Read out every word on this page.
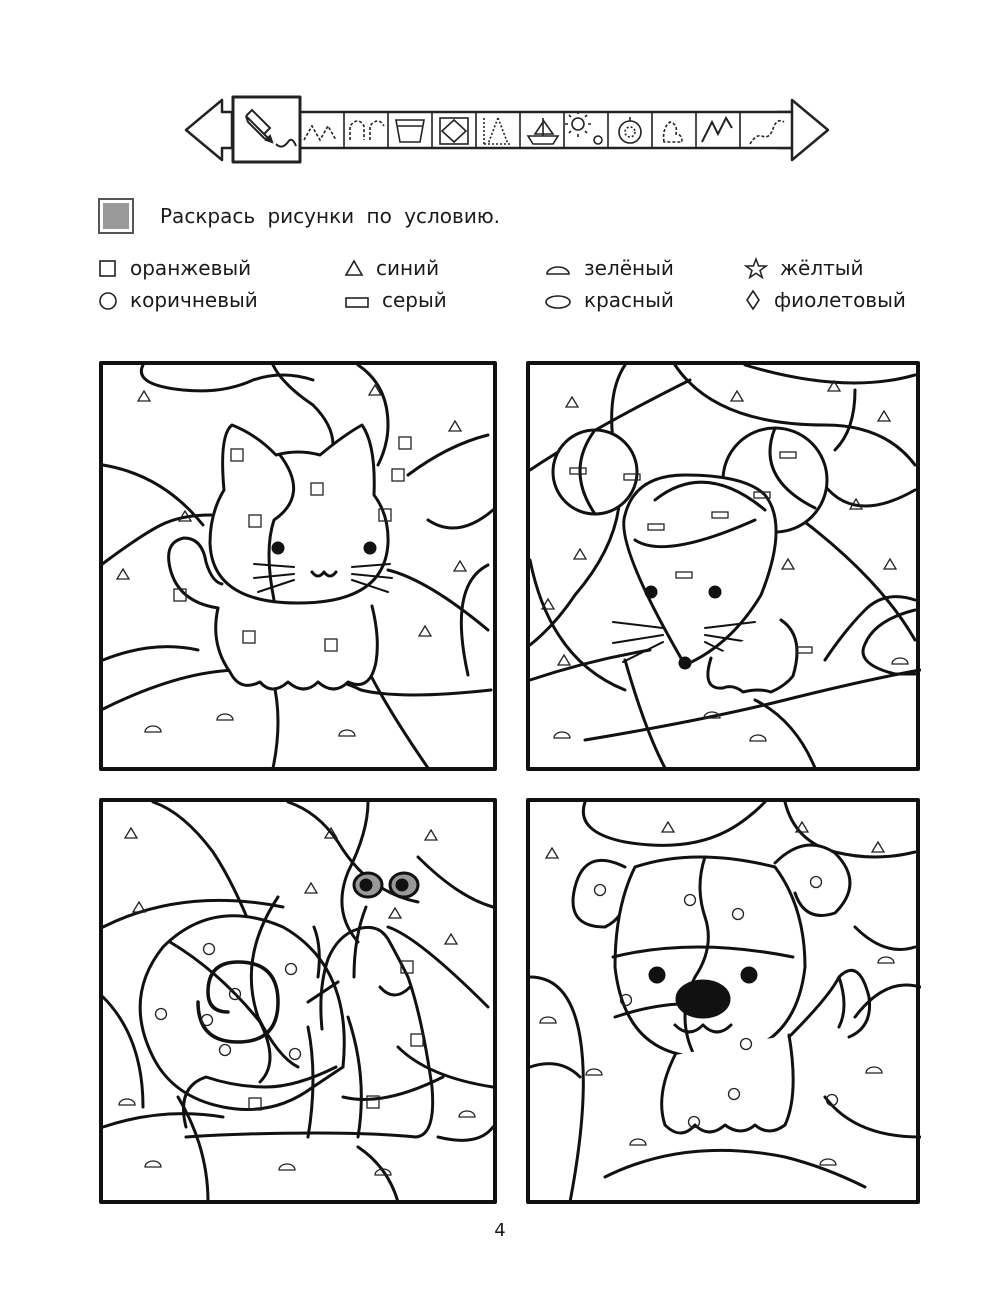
Раскрась рисунки по условию.
оранжевый
коричневый
синий
серый
зелёный
красный
жёлтый
фиолетовый
4
